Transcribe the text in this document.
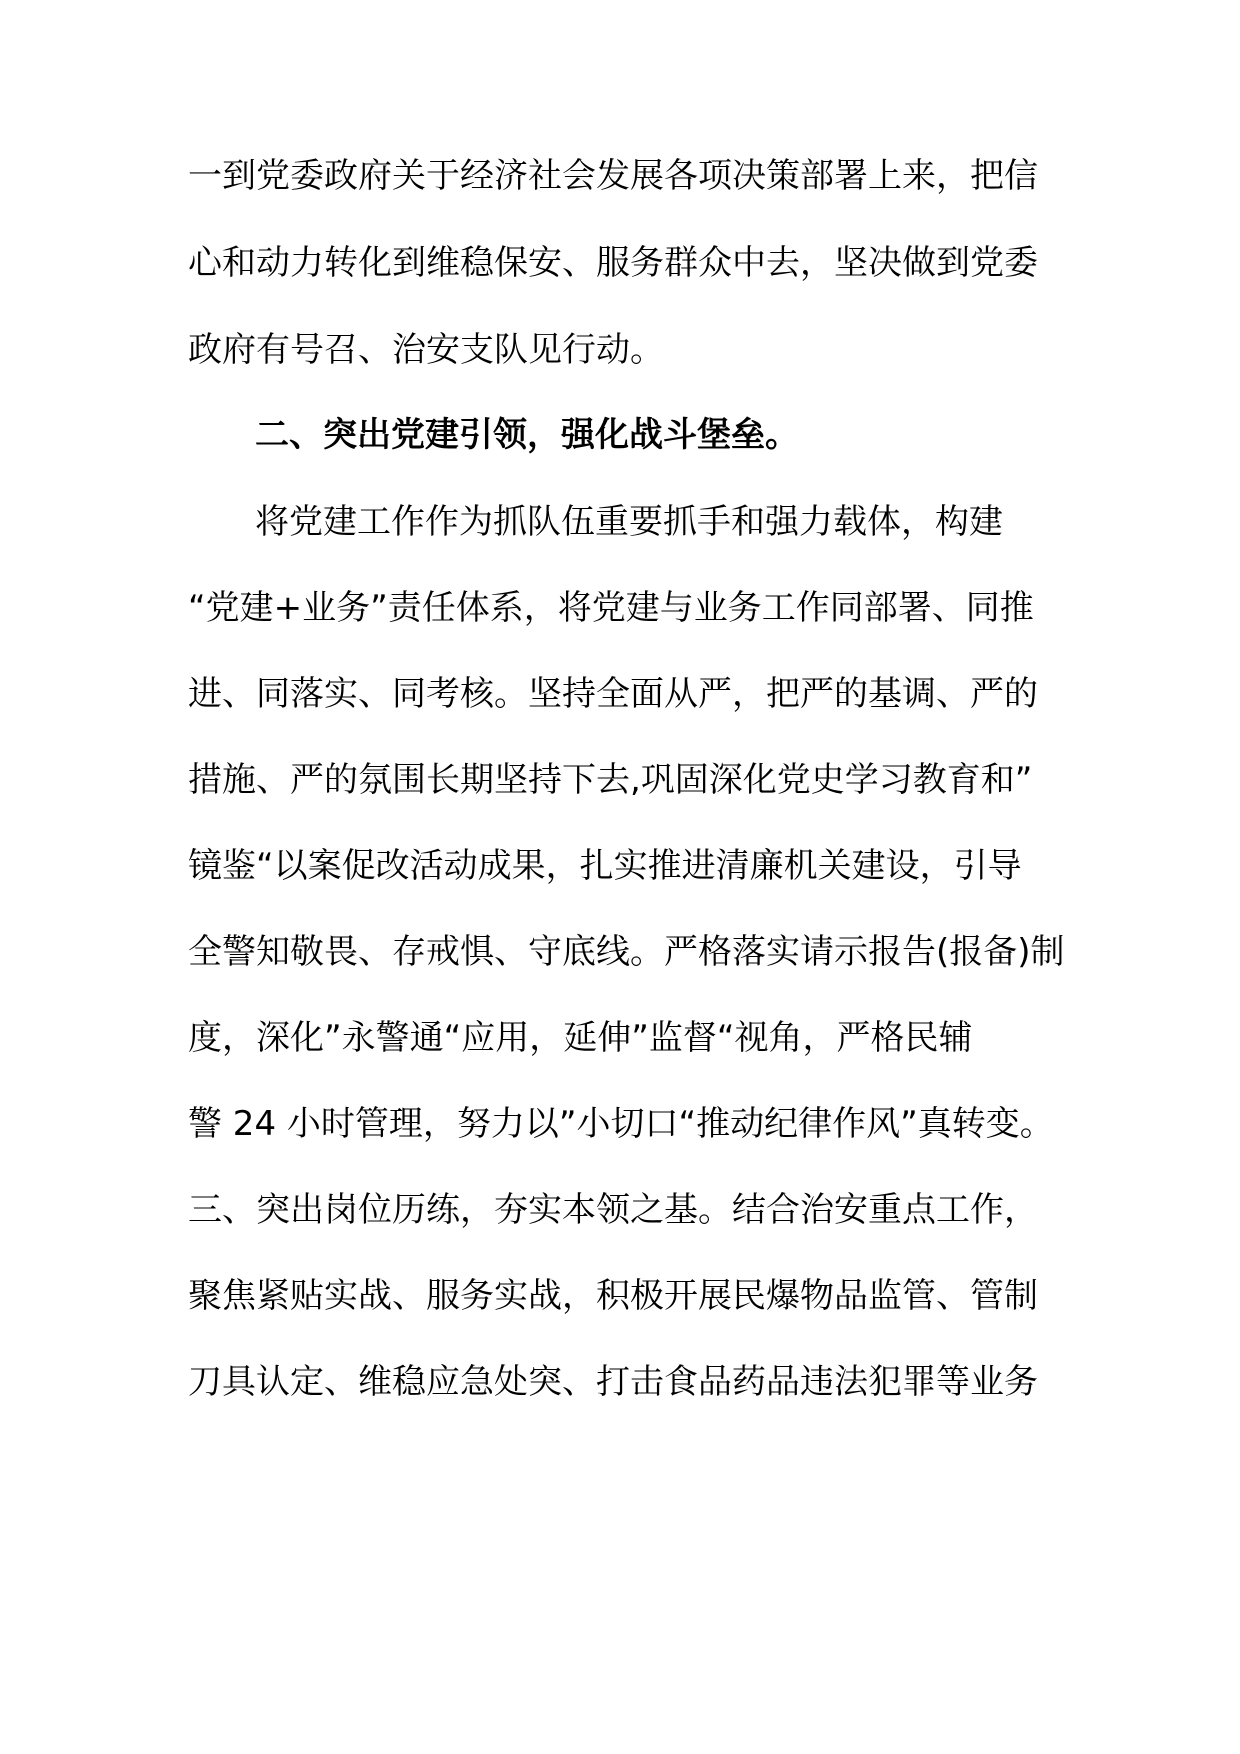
一到党委政府关于经济社会发展各项决策部署上来，把信
心和动力转化到维稳保安、服务群众中去，坚决做到党委
政府有号召、治安支队见行动。
二、突出党建引领，强化战斗堡垒。
将党建工作作为抓队伍重要抓手和强力载体，构建
“党建+业务”责任体系，将党建与业务工作同部署、同推
进、同落实、同考核。坚持全面从严，把严的基调、严的
措施、严的氛围长期坚持下去,巩固深化党史学习教育和”
镜鉴“以案促改活动成果，扎实推进清廉机关建设，引导
全警知敬畏、存戒惧、守底线。严格落实请示报告(报备)制
度，深化”永警通“应用，延伸”监督“视角，严格民辅
警 24 小时管理，努力以”小切口“推动纪律作风”真转变。
三、突出岗位历练，夯实本领之基。结合治安重点工作，
聚焦紧贴实战、服务实战，积极开展民爆物品监管、管制
刀具认定、维稳应急处突、打击食品药品违法犯罪等业务
